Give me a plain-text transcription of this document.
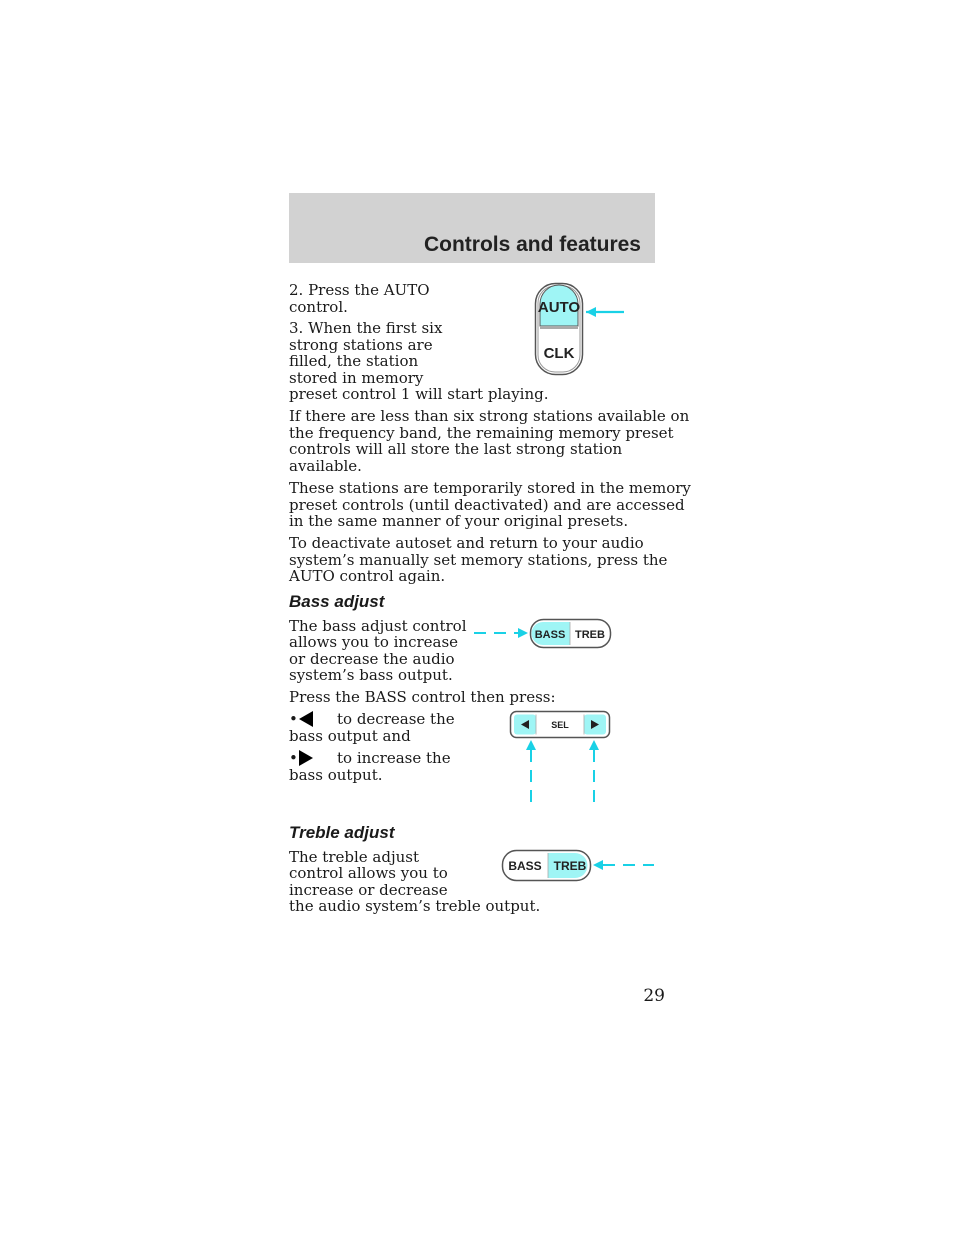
Controls and features

2. Press the AUTO

control.

3. When the first six

strong stations are

filled, the station

stored in memory

preset control 1 will start playing.

If there are less than six strong stations available on

the frequency band, the remaining memory preset

controls will all store the last strong station

available.

These stations are temporarily stored in the memory

preset controls (until deactivated) and are accessed

in the same manner of your original presets.

To deactivate autoset and return to your audio

system’s manually set memory stations, press the

AUTO control again.

AUTO
CLK
Bass adjust

The bass adjust control

allows you to increase

or decrease the audio

system’s bass output.

Press the BASS control then press:

BASS TREB
•	to decrease the
bass output and
•	to increase the
bass output.
SEL
Treble adjust

The treble adjust

control allows you to

increase or decrease

the audio system’s treble output.

BASS TREB
29
